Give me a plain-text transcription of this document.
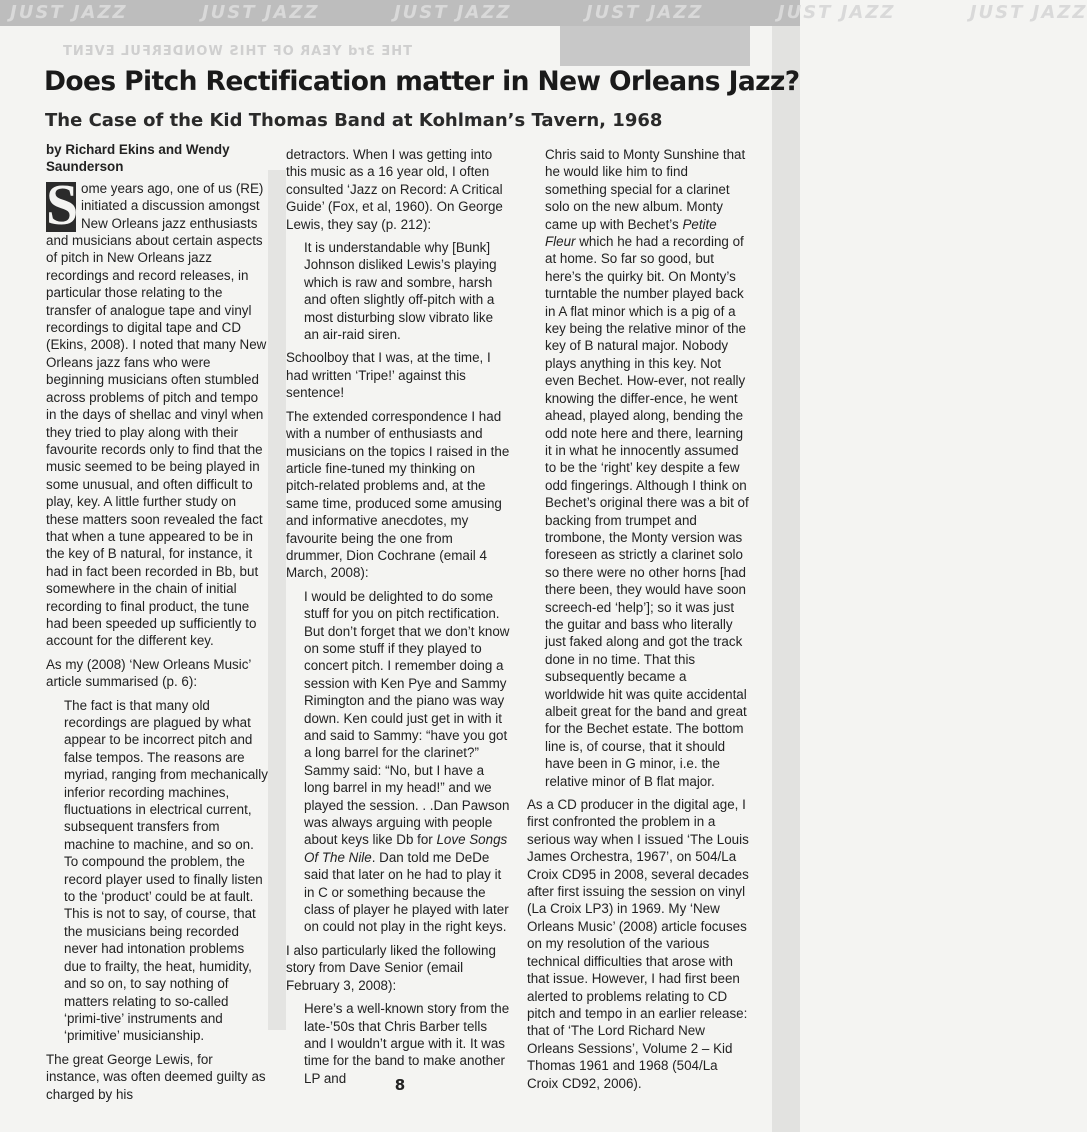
JUST JAZZ	JUST JAZZ	JUST JAZZ	JUST JAZZ	JUST JAZZ	JUST JAZZ
THE 3rd YEAR OF THIS WONDERFUL EVENT
Does Pitch Rectification matter in New Orleans Jazz?
The Case of the Kid Thomas Band at Kohlman’s Tavern, 1968

by Richard Ekins and Wendy Saunderson

S ome years ago, one of us (RE) initiated a discussion amongst New Orleans jazz enthusiasts and musicians about certain aspects of pitch in New Orleans jazz recordings and record releases, in particular those relating to the transfer of analogue tape and vinyl recordings to digital tape and CD (Ekins, 2008). I noted that many New Orleans jazz fans who were beginning musicians often stumbled across problems of pitch and tempo in the days of shellac and vinyl when they tried to play along with their favourite records only to find that the music seemed to be being played in some unusual, and often difficult to play, key. A little further study on these matters soon revealed the fact that when a tune appeared to be in the key of B natural, for instance, it had in fact been recorded in Bb, but somewhere in the chain of initial recording to final product, the tune had been speeded up sufficiently to account for the different key.

As my (2008) ‘New Orleans Music’ article summarised (p. 6):

The fact is that many old recordings are plagued by what appear to be incorrect pitch and false tempos. The reasons are myriad, ranging from mechanically inferior recording machines, fluctuations in electrical current, subsequent transfers from machine to machine, and so on. To compound the problem, the record player used to finally listen to the ‘product’ could be at fault. This is not to say, of course, that the musicians being recorded never had intonation problems due to frailty, the heat, humidity, and so on, to say nothing of matters relating to so-called ‘primi-tive’ instruments and ‘primitive’ musicianship.

The great George Lewis, for instance, was often deemed guilty as charged by his

detractors. When I was getting into this music as a 16 year old, I often consulted ‘Jazz on Record: A Critical Guide’ (Fox, et al, 1960). On George Lewis, they say (p. 212):

It is understandable why [Bunk] Johnson disliked Lewis’s playing which is raw and sombre, harsh and often slightly off-pitch with a most disturbing slow vibrato like an air-raid siren.

Schoolboy that I was, at the time, I had written ‘Tripe!’ against this sentence!

The extended correspondence I had with a number of enthusiasts and musicians on the topics I raised in the article fine-tuned my thinking on pitch-related problems and, at the same time, produced some amusing and informative anecdotes, my favourite being the one from drummer, Dion Cochrane (email 4 March, 2008):

I would be delighted to do some stuff for you on pitch rectification. But don’t forget that we don’t know on some stuff if they played to concert pitch. I remember doing a session with Ken Pye and Sammy Rimington and the piano was way down. Ken could just get in with it and said to Sammy: “have you got a long barrel for the clarinet?” Sammy said: “No, but I have a long barrel in my head!” and we played the session. . .Dan Pawson was always arguing with people about keys like Db for Love Songs Of The Nile. Dan told me DeDe said that later on he had to play it in C or something because the class of player he played with later on could not play in the right keys.

I also particularly liked the following story from Dave Senior (email February 3, 2008):

Here’s a well-known story from the late-’50s that Chris Barber tells and I wouldn’t argue with it. It was time for the band to make another LP and

Chris said to Monty Sunshine that he would like him to find something special for a clarinet solo on the new album. Monty came up with Bechet’s Petite Fleur which he had a recording of at home. So far so good, but here’s the quirky bit. On Monty’s turntable the number played back in A flat minor which is a pig of a key being the relative minor of the key of B natural major. Nobody plays anything in this key. Not even Bechet. How-ever, not really knowing the differ-ence, he went ahead, played along, bending the odd note here and there, learning it in what he innocently assumed to be the ‘right’ key despite a few odd fingerings. Although I think on Bechet’s original there was a bit of backing from trumpet and trombone, the Monty version was foreseen as strictly a clarinet solo so there were no other horns [had there been, they would have soon screech-ed ‘help’]; so it was just the guitar and bass who literally just faked along and got the track done in no time. That this subsequently became a worldwide hit was quite accidental albeit great for the band and great for the Bechet estate. The bottom line is, of course, that it should have been in G minor, i.e. the relative minor of B flat major.

As a CD producer in the digital age, I first confronted the problem in a serious way when I issued ‘The Louis James Orchestra, 1967’, on 504/La Croix CD95 in 2008, several decades after first issuing the session on vinyl (La Croix LP3) in 1969. My ‘New Orleans Music’ (2008) article focuses on my resolution of the various technical difficulties that arose with that issue. However, I had first been alerted to problems relating to CD pitch and tempo in an earlier release: that of ‘The Lord Richard New Orleans Sessions’, Volume 2 – Kid Thomas 1961 and 1968 (504/La Croix CD92, 2006).

8
